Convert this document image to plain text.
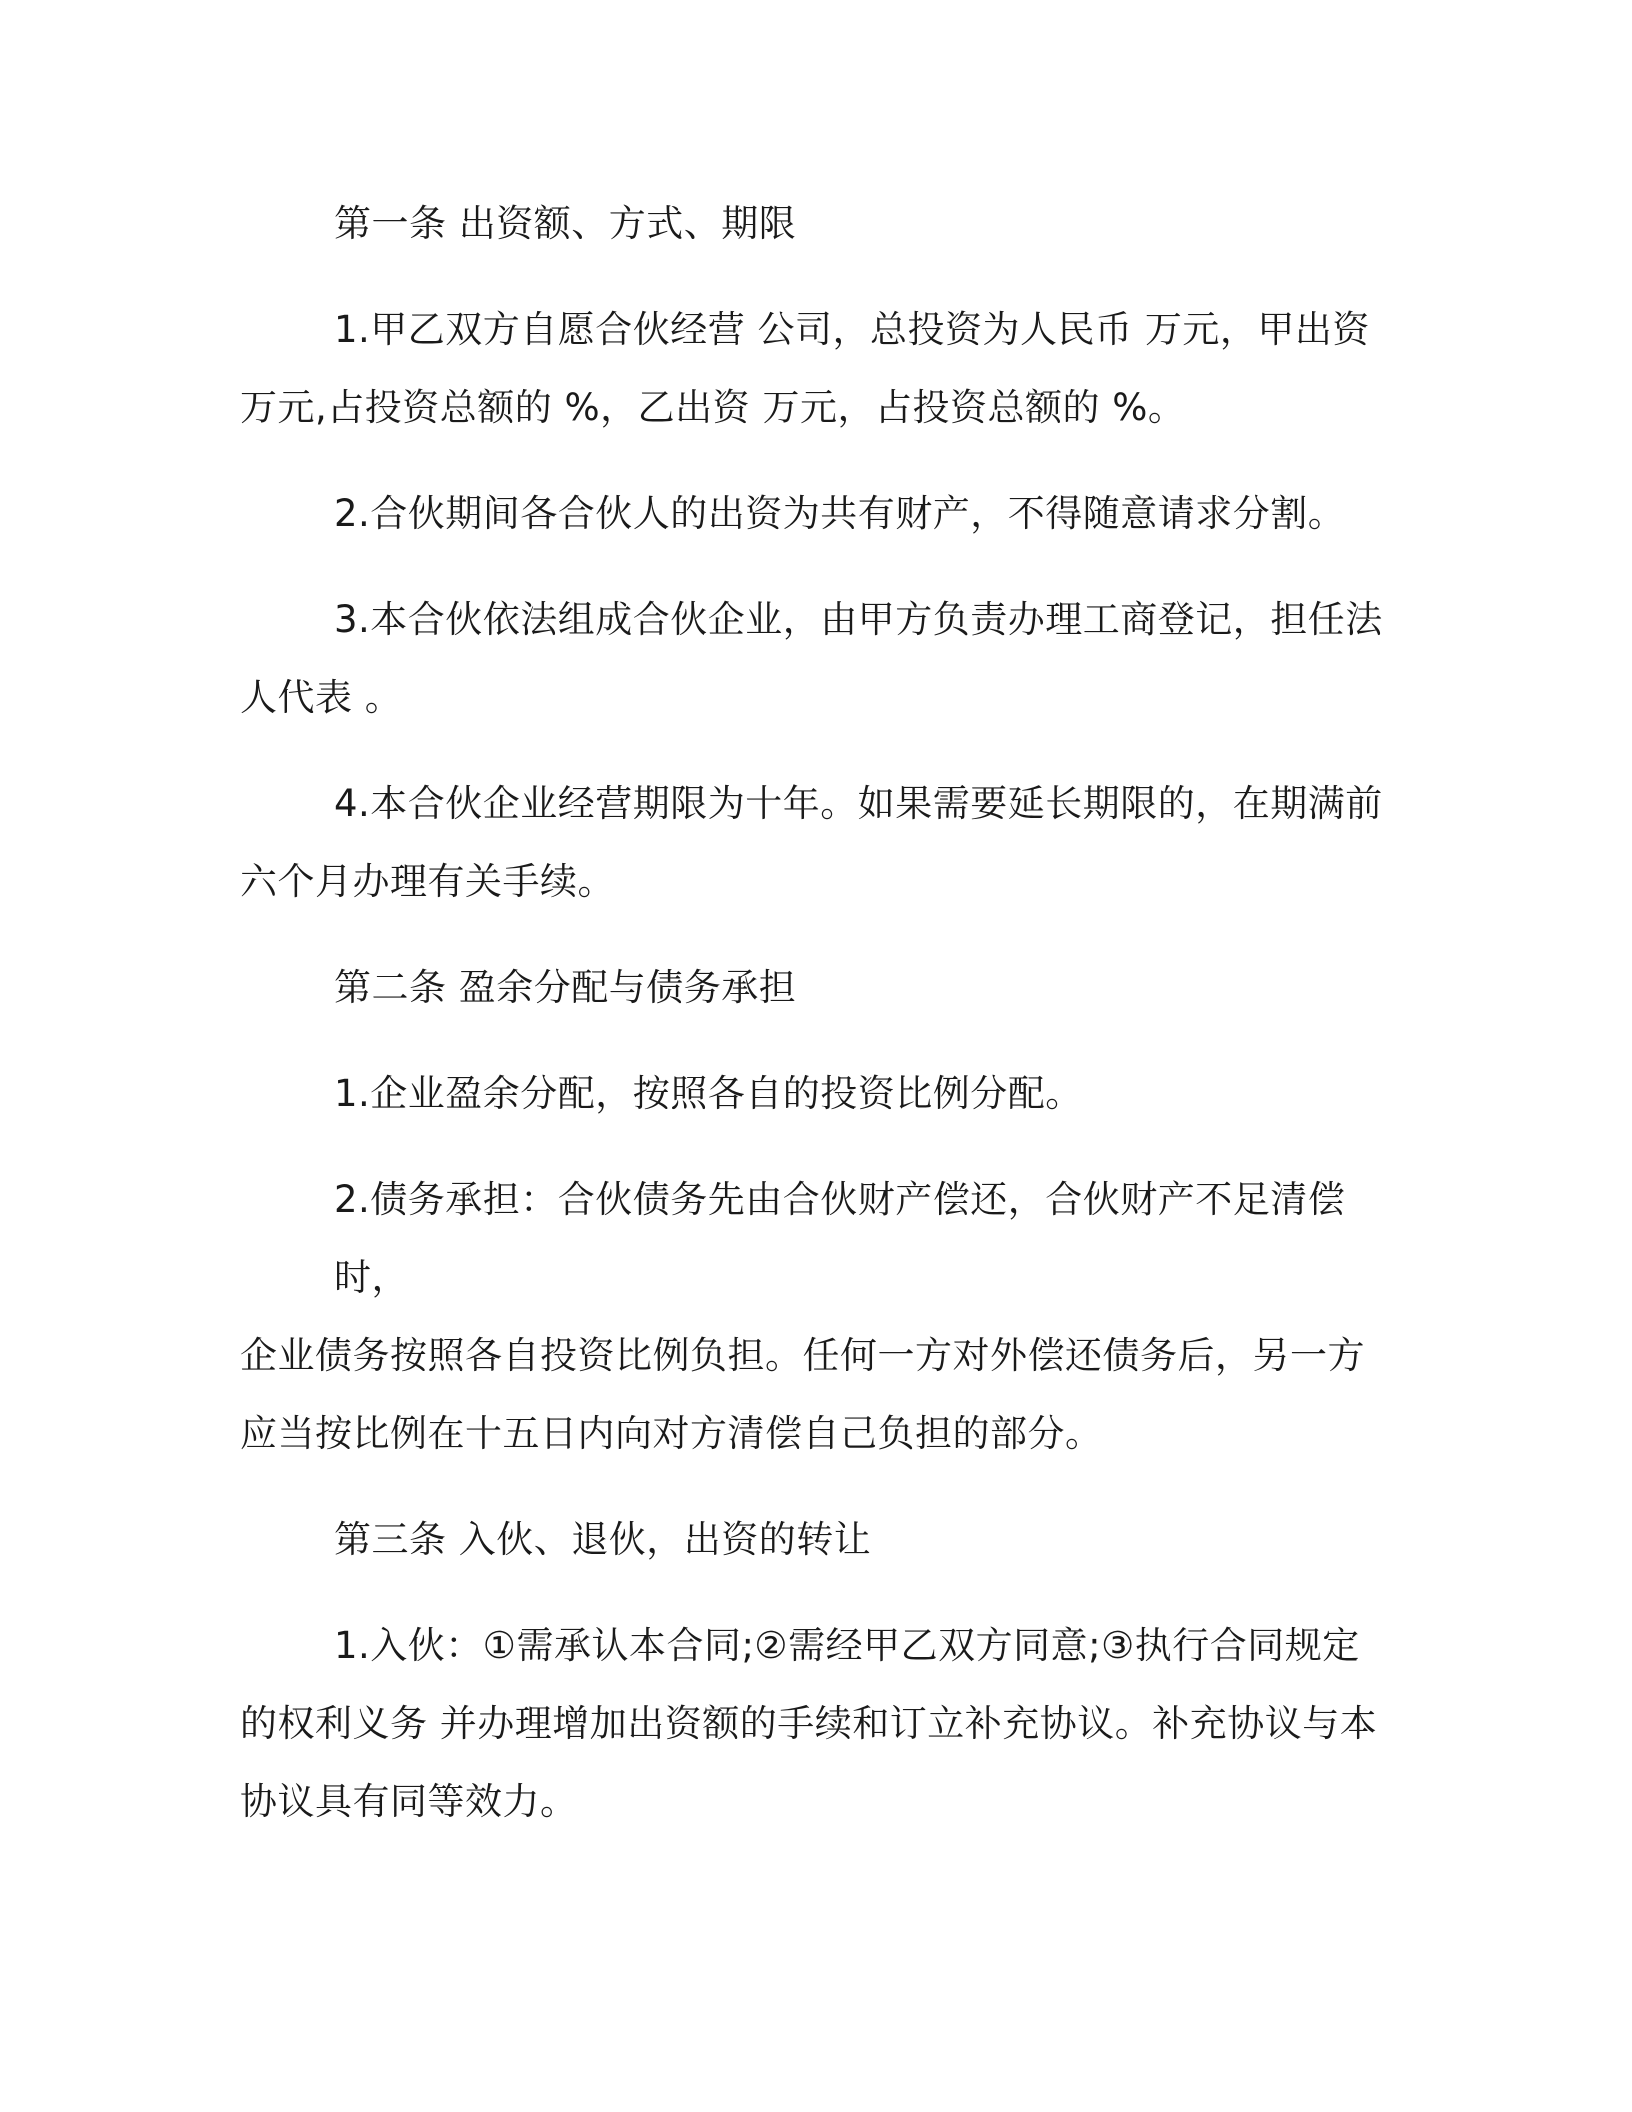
第一条 出资额、方式、期限
1.甲乙双方自愿合伙经营 公司，总投资为人民币 万元，甲出资
万元,占投资总额的 %，乙出资 万元，占投资总额的 %。
2.合伙期间各合伙人的出资为共有财产，不得随意请求分割。
3.本合伙依法组成合伙企业，由甲方负责办理工商登记，担任法
人代表 。
4.本合伙企业经营期限为十年。如果需要延长期限的，在期满前
六个月办理有关手续。
第二条 盈余分配与债务承担
1.企业盈余分配，按照各自的投资比例分配。
2.债务承担：合伙债务先由合伙财产偿还，合伙财产不足清偿时，
企业债务按照各自投资比例负担。任何一方对外偿还债务后，另一方
应当按比例在十五日内向对方清偿自己负担的部分。
第三条 入伙、退伙，出资的转让
1.入伙：①需承认本合同;②需经甲乙双方同意;③执行合同规定
的权利义务 并办理增加出资额的手续和订立补充协议。补充协议与本
协议具有同等效力。
